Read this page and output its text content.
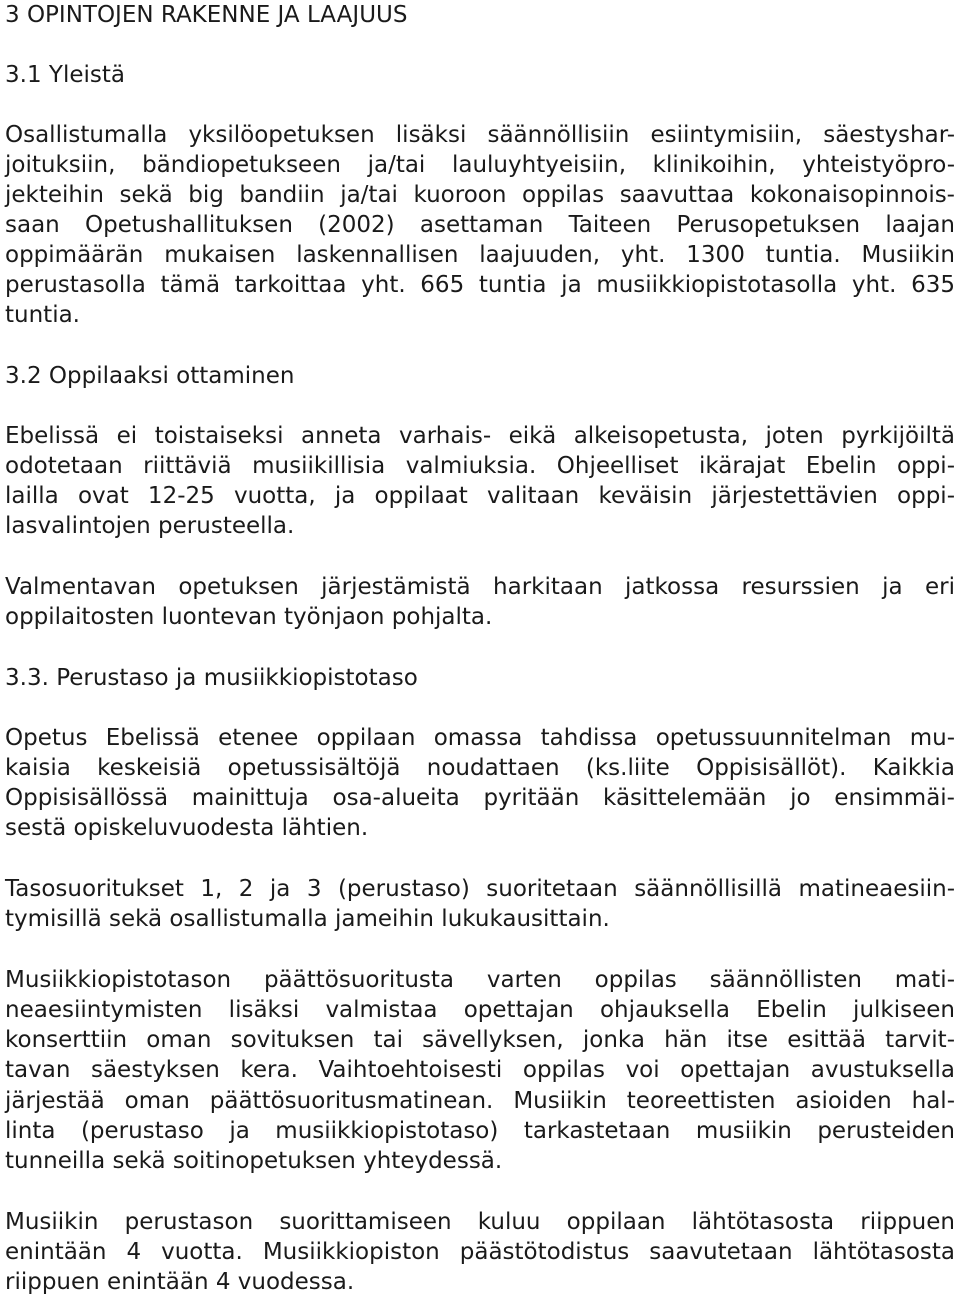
3 OPINTOJEN RAKENNE JA LAAJUUS
3.1 Yleistä
Osallistumalla yksilöopetuksen lisäksi säännöllisiin esiintymisiin, säestyshar-
joituksiin, bändiopetukseen ja/tai lauluyhtyeisiin, klinikoihin, yhteistyöpro-
jekteihin sekä big bandiin ja/tai kuoroon oppilas saavuttaa kokonaisopinnois-
saan Opetushallituksen (2002) asettaman Taiteen Perusopetuksen laajan
oppimäärän mukaisen laskennallisen laajuuden, yht. 1300 tuntia. Musiikin
perustasolla tämä tarkoittaa yht. 665 tuntia ja musiikkiopistotasolla yht. 635
tuntia.
3.2 Oppilaaksi ottaminen
Ebelissä ei toistaiseksi anneta varhais- eikä alkeisopetusta, joten pyrkijöiltä
odotetaan riittäviä musiikillisia valmiuksia. Ohjeelliset ikärajat Ebelin oppi-
lailla ovat 12-25 vuotta, ja oppilaat valitaan keväisin järjestettävien oppi-
lasvalintojen perusteella.
Valmentavan opetuksen järjestämistä harkitaan jatkossa resurssien ja eri
oppilaitosten luontevan työnjaon pohjalta.
3.3. Perustaso ja musiikkiopistotaso
Opetus Ebelissä etenee oppilaan omassa tahdissa opetussuunnitelman mu-
kaisia keskeisiä opetussisältöjä noudattaen (ks.liite Oppisisällöt). Kaikkia
Oppisisällössä mainittuja osa-alueita pyritään käsittelemään jo ensimmäi-
sestä opiskeluvuodesta lähtien.
Tasosuoritukset 1, 2 ja 3 (perustaso) suoritetaan säännöllisillä matineaesiin-
tymisillä sekä osallistumalla jameihin lukukausittain.
Musiikkiopistotason päättösuoritusta varten oppilas säännöllisten mati-
neaesiintymisten lisäksi valmistaa opettajan ohjauksella Ebelin julkiseen
konserttiin oman sovituksen tai sävellyksen, jonka hän itse esittää tarvit-
tavan säestyksen kera. Vaihtoehtoisesti oppilas voi opettajan avustuksella
järjestää oman päättösuoritusmatinean. Musiikin teoreettisten asioiden hal-
linta (perustaso ja musiikkiopistotaso) tarkastetaan musiikin perusteiden
tunneilla sekä soitinopetuksen yhteydessä.
Musiikin perustason suorittamiseen kuluu oppilaan lähtötasosta riippuen
enintään 4 vuotta. Musiikkiopiston päästötodistus saavutetaan lähtötasosta
riippuen enintään 4 vuodessa.
